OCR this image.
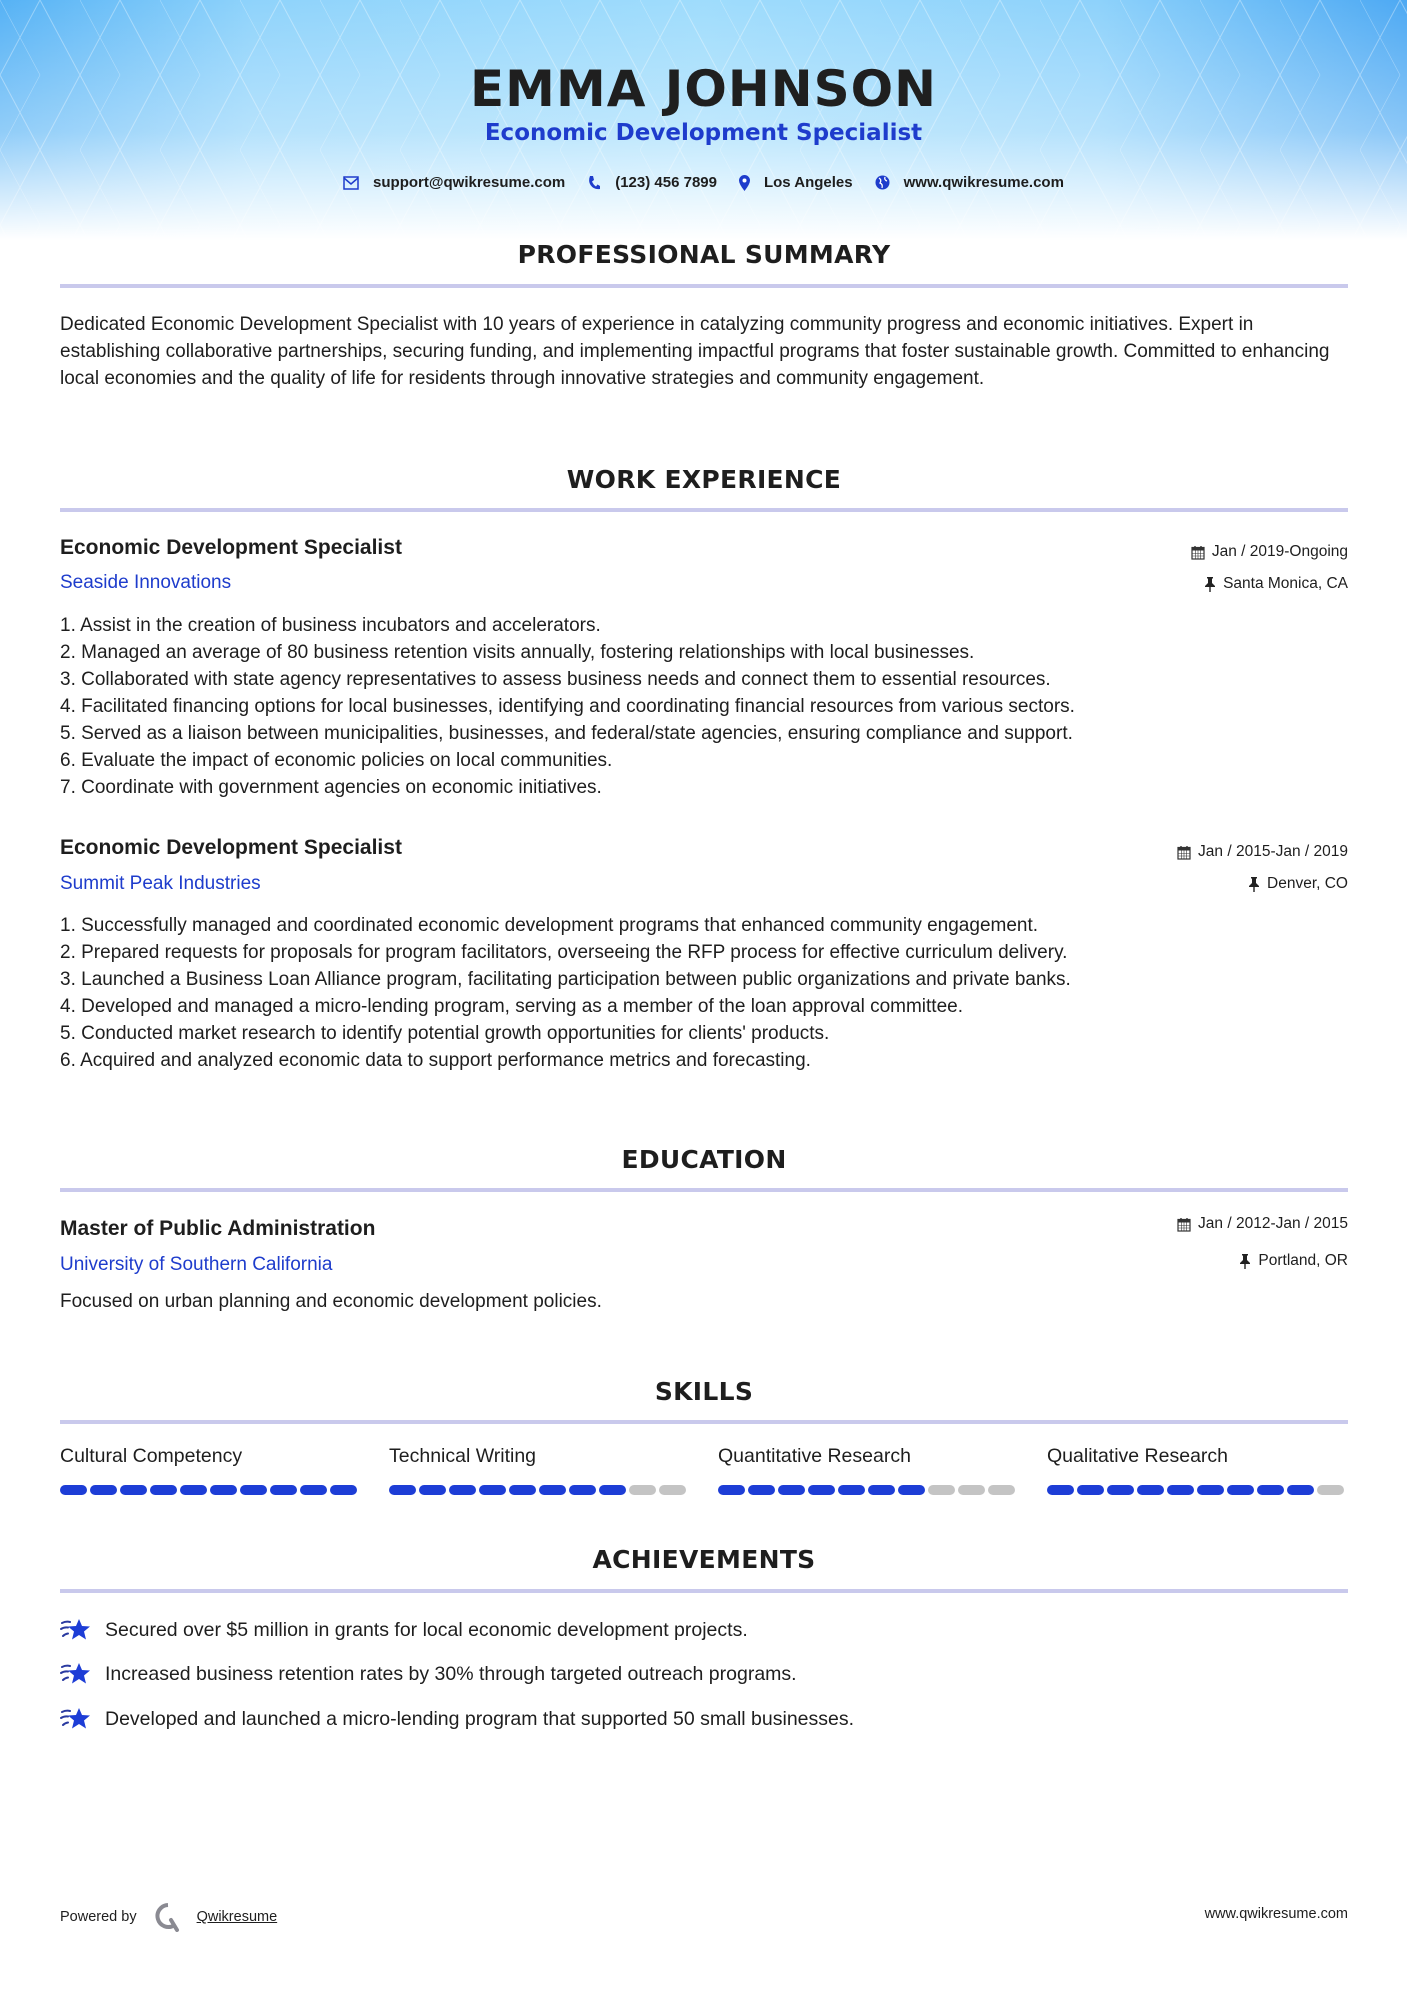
EMMA JOHNSON
Economic Development Specialist
support@qwikresume.com	(123) 456 7899	Los Angeles	www.qwikresume.com
PROFESSIONAL SUMMARY
Dedicated Economic Development Specialist with 10 years of experience in catalyzing community progress and economic initiatives. Expert in establishing collaborative partnerships, securing funding, and implementing impactful programs that foster sustainable growth. Committed to enhancing local economies and the quality of life for residents through innovative strategies and community engagement.
WORK EXPERIENCE
Economic Development Specialist
Seaside Innovations
Jan / 2019-Ongoing
Santa Monica, CA
1. Assist in the creation of business incubators and accelerators.
2. Managed an average of 80 business retention visits annually, fostering relationships with local businesses.
3. Collaborated with state agency representatives to assess business needs and connect them to essential resources.
4. Facilitated financing options for local businesses, identifying and coordinating financial resources from various sectors.
5. Served as a liaison between municipalities, businesses, and federal/state agencies, ensuring compliance and support.
6. Evaluate the impact of economic policies on local communities.
7. Coordinate with government agencies on economic initiatives.
Economic Development Specialist
Summit Peak Industries
Jan / 2015-Jan / 2019
Denver, CO
1. Successfully managed and coordinated economic development programs that enhanced community engagement.
2. Prepared requests for proposals for program facilitators, overseeing the RFP process for effective curriculum delivery.
3. Launched a Business Loan Alliance program, facilitating participation between public organizations and private banks.
4. Developed and managed a micro-lending program, serving as a member of the loan approval committee.
5. Conducted market research to identify potential growth opportunities for clients' products.
6. Acquired and analyzed economic data to support performance metrics and forecasting.
EDUCATION
Master of Public Administration
University of Southern California
Jan / 2012-Jan / 2015
Portland, OR
Focused on urban planning and economic development policies.
SKILLS
Cultural Competency	Technical Writing	Quantitative Research	Qualitative Research
ACHIEVEMENTS
Secured over $5 million in grants for local economic development projects.
Increased business retention rates by 30% through targeted outreach programs.
Developed and launched a micro-lending program that supported 50 small businesses.
Powered by	Qwikresume	www.qwikresume.com
